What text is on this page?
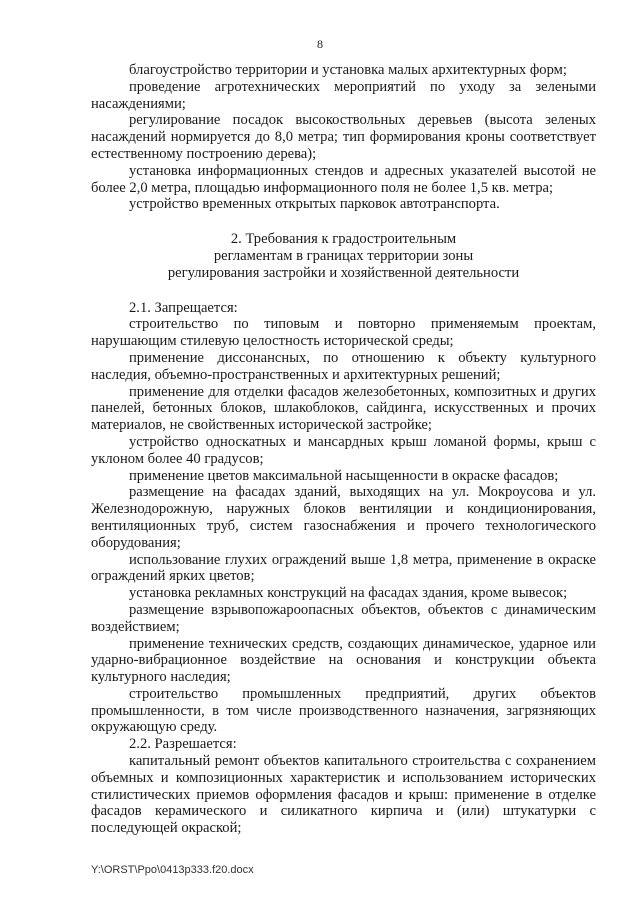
8

благоустройство территории и установка малых архитектурных форм;

проведение агротехнических мероприятий по уходу за зелеными насаждениями;

регулирование посадок высокоствольных деревьев (высота зеленых насаждений нормируется до 8,0 метра; тип формирования кроны соответствует естественному построению дерева);

установка информационных стендов и адресных указателей высотой не более 2,0 метра, площадью информационного поля не более 1,5 кв. метра;

устройство временных открытых парковок автотранспорта.

2. Требования к градостроительным
регламентам в границах территории зоны
регулирования застройки и хозяйственной деятельности

2.1. Запрещается:

строительство по типовым и повторно применяемым проектам, нарушающим стилевую целостность исторической среды;

применение диссонансных, по отношению к объекту культурного наследия, объемно-пространственных и архитектурных решений;

применение для отделки фасадов железобетонных, композитных и других панелей, бетонных блоков, шлакоблоков, сайдинга, искусственных и прочих материалов, не свойственных исторической застройке;

устройство односкатных и мансардных крыш ломаной формы, крыш с уклоном более 40 градусов;

применение цветов максимальной насыщенности в окраске фасадов;

размещение на фасадах зданий, выходящих на ул. Мокроусова и ул. Железнодорожную, наружных блоков вентиляции и кондиционирования, вентиляционных труб, систем газоснабжения и прочего технологического оборудования;

использование глухих ограждений выше 1,8 метра, применение в окраске ограждений ярких цветов;

установка рекламных конструкций на фасадах здания, кроме вывесок;

размещение взрывопожароопасных объектов, объектов с динамическим воздействием;

применение технических средств, создающих динамическое, ударное или ударно-вибрационное воздействие на основания и конструкции объекта культурного наследия;

строительство промышленных предприятий, других объектов промышленности, в том числе производственного назначения, загрязняющих окружающую среду.

2.2. Разрешается:

капитальный ремонт объектов капитального строительства с сохранением объемных и композиционных характеристик и использованием исторических стилистических приемов оформления фасадов и крыш: применение в отделке фасадов керамического и силикатного кирпича и (или) штукатурки с последующей окраской;

Y:\ORST\Ppo\0413p333.f20.docx
